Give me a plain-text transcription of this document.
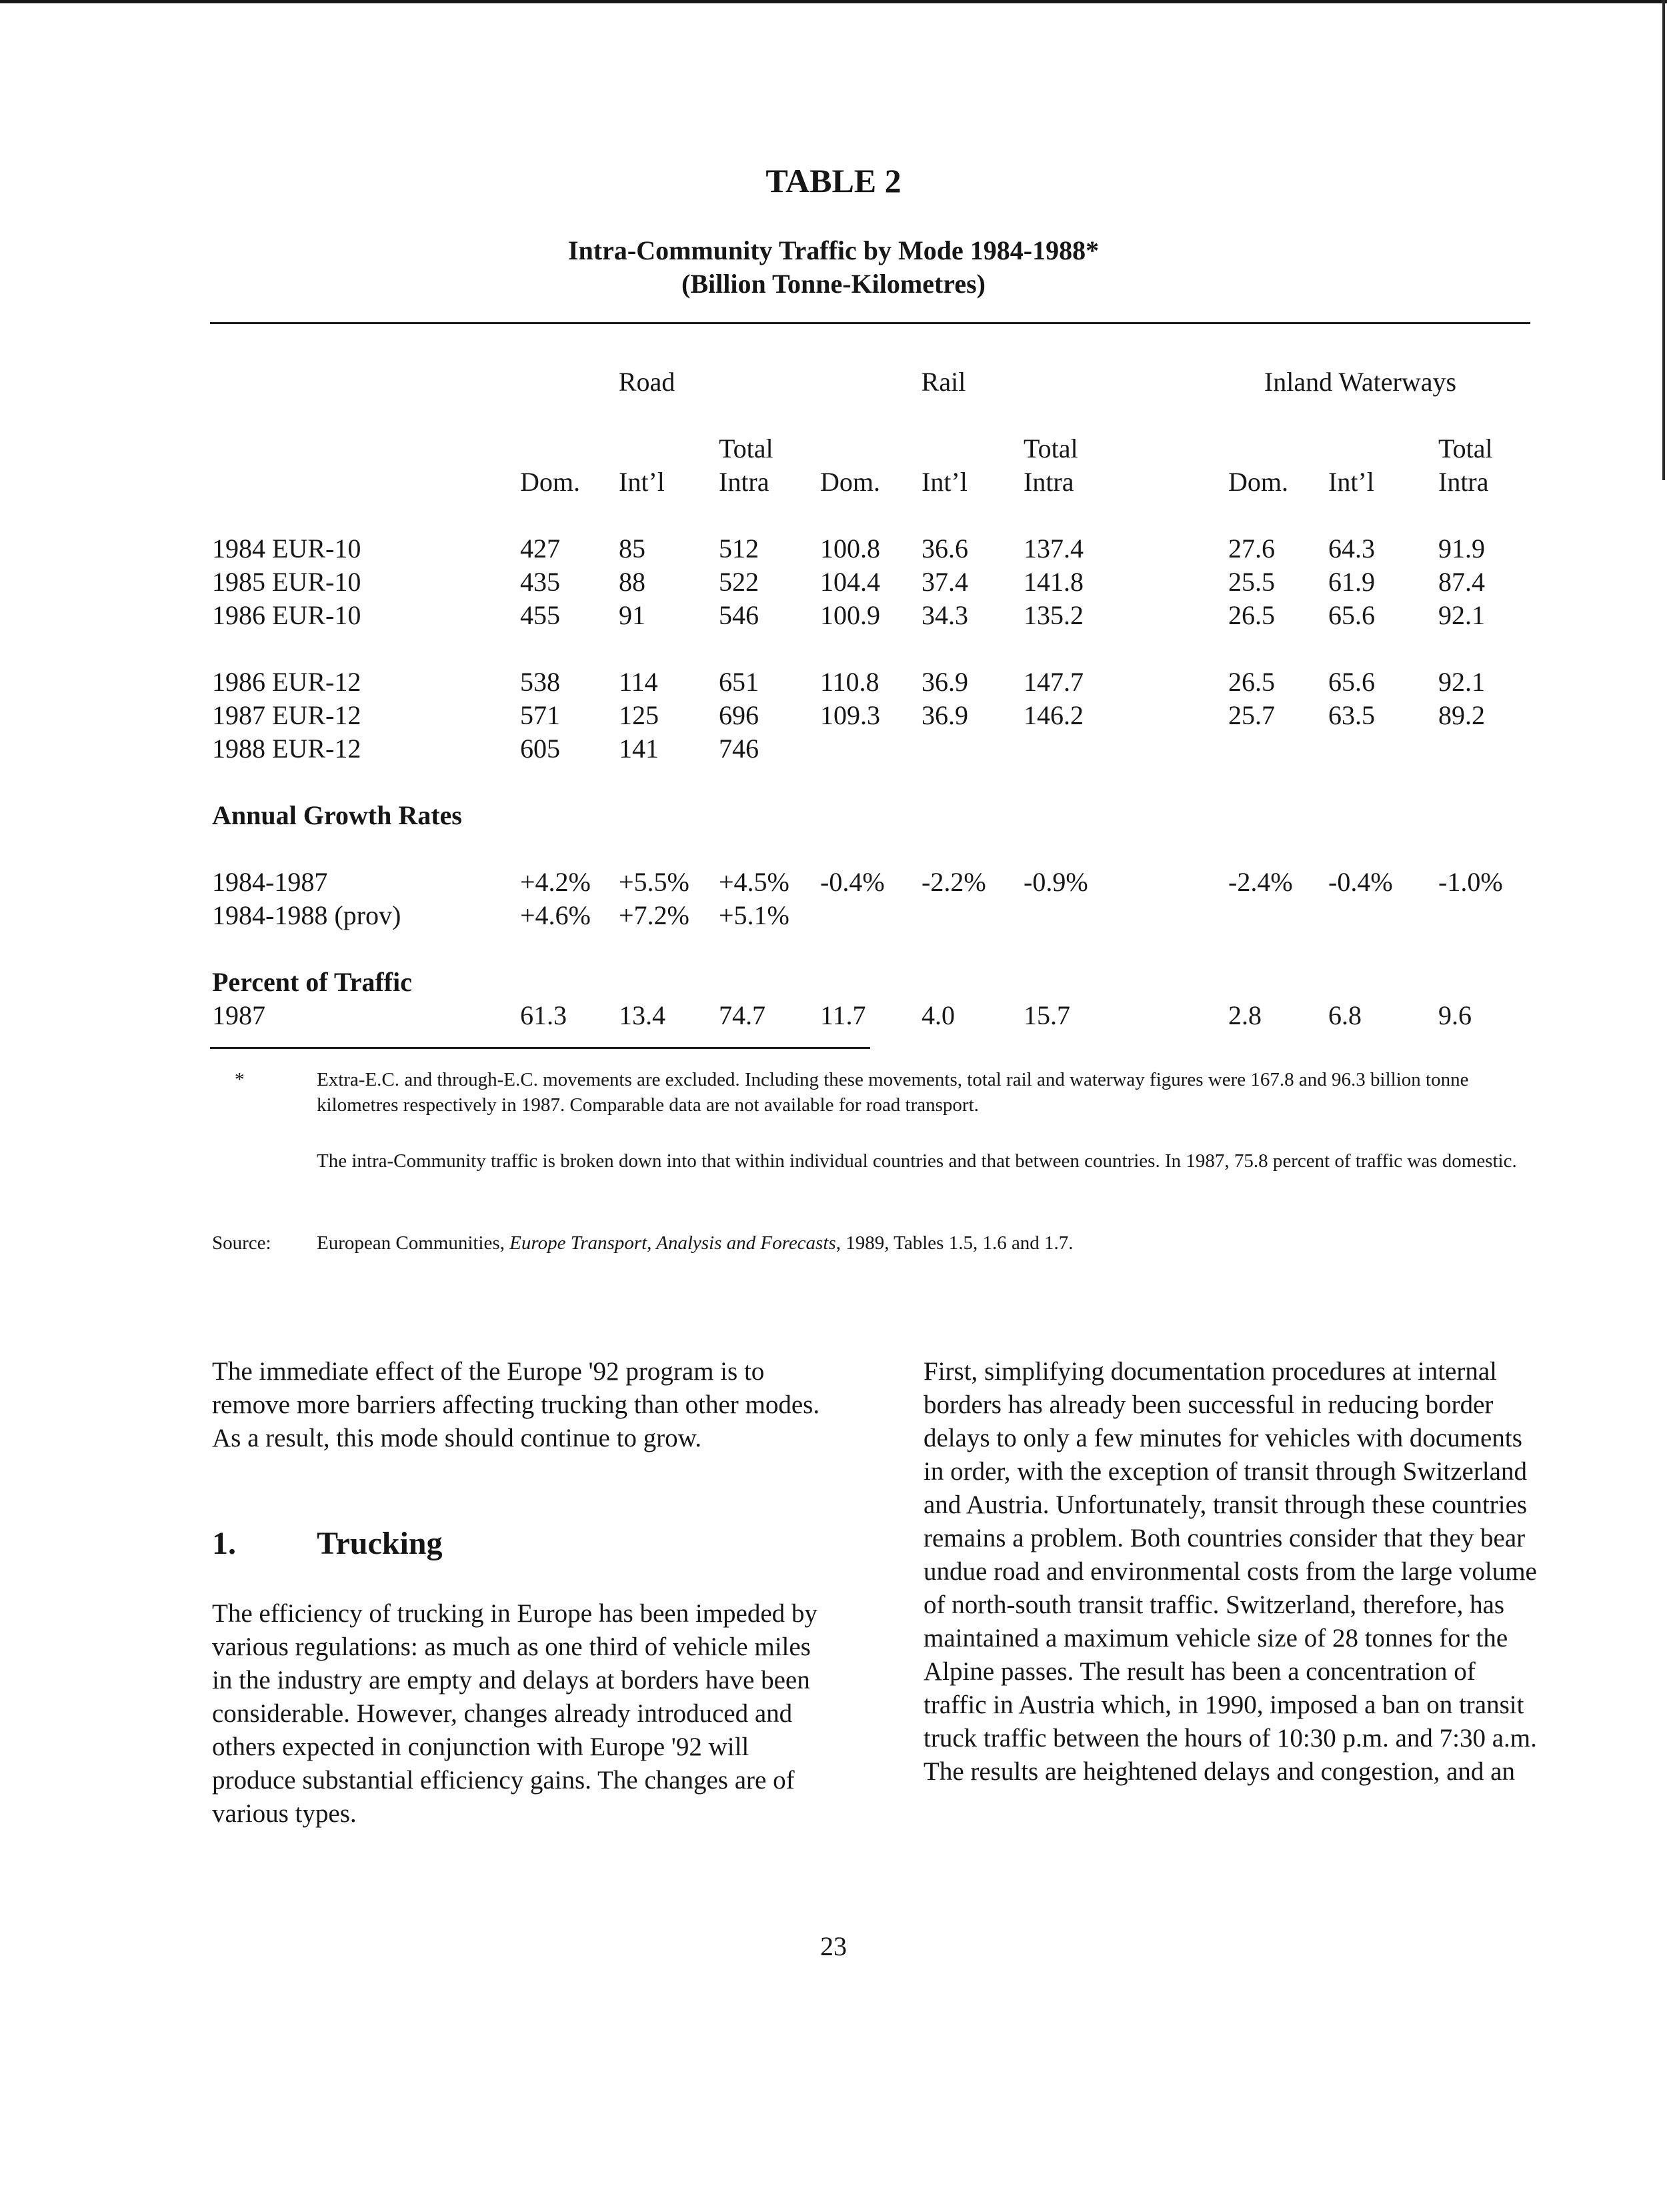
TABLE 2
Intra-Community Traffic by Mode 1984-1988*
(Billion Tonne-Kilometres)
Road	Rail	Inland Waterways
Total	Total	Total
Dom. Int’l Intra Dom. Int’l Intra	Dom. Int’l Intra
1984 EUR-10	427 85	512 100.8 36.6 137.4	27.6 64.3 91.9
1985 EUR-10	435 88	522 104.4 37.4 141.8	25.5 61.9 87.4
1986 EUR-10	455 91	546 100.9 34.3 135.2	26.5 65.6 92.1
1986 EUR-12	538 114 651 110.8 36.9 147.7	26.5 65.6 92.1
1987 EUR-12	571 125 696 109.3 36.9 146.2	25.7 63.5 89.2
1988 EUR-12	605 141 746
Annual Growth Rates
1984-1987	+4.2% +5.5% +4.5% -0.4% -2.2% -0.9%	-2.4% -0.4% -1.0%
1984-1988 (prov)	+4.6% +7.2% +5.1%
Percent of Traffic
1987	61.3 13.4 74.7 11.7 4.0	15.7	2.8	6.8	9.6
*	Extra-E.C. and through-E.C. movements are excluded. Including these movements, total rail and waterway figures were 167.8 and 96.3 billion tonne kilometres respectively in 1987. Comparable data are not available for road transport.
The intra-Community traffic is broken down into that within individual countries and that between countries. In 1987, 75.8 percent of traffic was domestic.
Source: European Communities, Europe Transport, Analysis and Forecasts, 1989, Tables 1.5, 1.6 and 1.7.
The immediate effect of the Europe '92 program is to remove more barriers affecting trucking than other modes. As a result, this mode should continue to grow.
1.	Trucking
The efficiency of trucking in Europe has been impeded by various regulations: as much as one third of vehicle miles in the industry are empty and delays at borders have been considerable. However, changes already introduced and others expected in conjunction with Europe '92 will produce substantial efficiency gains. The changes are of various types.
First, simplifying documentation procedures at internal borders has already been successful in reducing border delays to only a few minutes for vehicles with documents in order, with the exception of transit through Switzerland and Austria. Unfortunately, transit through these countries remains a problem. Both countries consider that they bear undue road and environmental costs from the large volume of north-south transit traffic. Switzerland, therefore, has maintained a maximum vehicle size of 28 tonnes for the Alpine passes. The result has been a concentration of traffic in Austria which, in 1990, imposed a ban on transit truck traffic between the hours of 10:30 p.m. and 7:30 a.m. The results are heightened delays and congestion, and an
23
